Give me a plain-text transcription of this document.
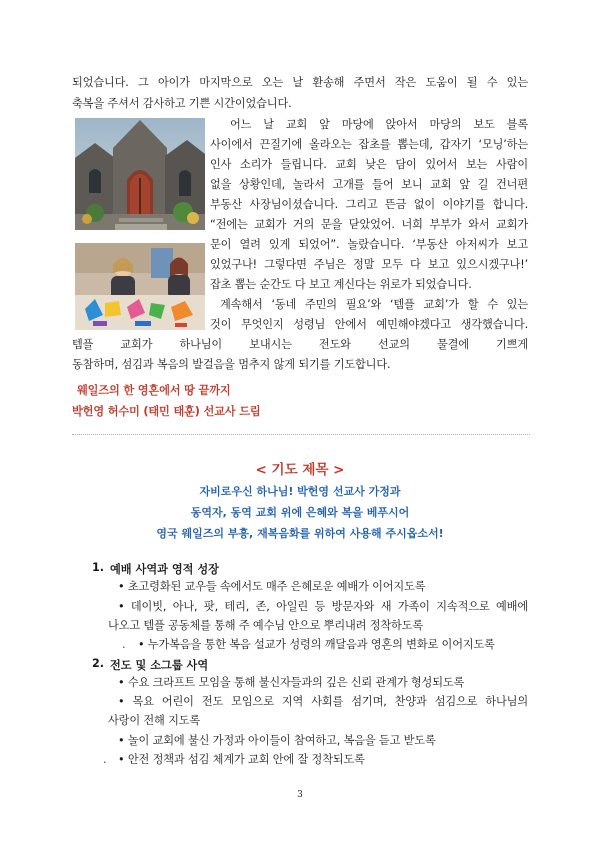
되었습니다. 그 아이가 마지막으로 오는 날 환송해 주면서 작은 도움이 될 수 있는
축복을 주셔서 감사하고 기쁜 시간이었습니다.
어느 날 교회 앞 마당에 앉아서 마당의 보도 블록
사이에서 끈질기에 올라오는 잡초를 뽑는데, 갑자기 ‘모닝’하는
인사 소리가 들립니다. 교회 낮은 담이 있어서 보는 사람이
없을 상황인데, 놀라서 고개를 들어 보니 교회 앞 길 건너편
부동산 사장님이셨습니다. 그리고 뜬금 없이 이야기를 합니다.
“전에는 교회가 거의 문을 닫았었어. 너희 부부가 와서 교회가
문이 열려 있게 되었어”. 놀랐습니다. ‘부동산 아저씨가 보고
있었구나! 그렇다면 주님은 정말 모두 다 보고 있으시겠구나!’
잡초 뽑는 순간도 다 보고 계신다는 위로가 되었습니다.
계속해서 ‘동네 주민의 필요’와 ‘템플 교회’가 할 수 있는
것이 무엇인지 성령님 안에서 예민해야겠다고 생각했습니다.
템플 교회가 하나님이 보내시는 전도와 선교의 물결에 기쁘게
동참하며, 섬김과 복음의 발걸음을 멈추지 않게 되기를 기도합니다.
웨일즈의 한 영혼에서 땅 끝까지
박헌영 허수미 (태민 태훈) 선교사 드림
< 기도 제목 >
자비로우신 하나님! 박헌영 선교사 가정과
동역자, 동역 교회 위에 은혜와 복을 베푸시어
영국 웨일즈의 부흥, 재복음화를 위하여 사용해 주시옵소서!
1. 예배 사역과 영적 성장
• 초고령화된 교우들 속에서도 매주 은혜로운 예배가 이어지도록
• 데이빗, 아나, 팟, 테리, 존, 아일린 등 방문자와 새 가족이 지속적으로 예배에
나오고 템플 공동체를 통해 주 예수님 안으로 뿌리내려 정착하도록
. • 누가복음을 통한 복음 설교가 성령의 깨달음과 영혼의 변화로 이어지도록
2. 전도 및 소그룹 사역
• 수요 크라프트 모임을 통해 불신자들과의 깊은 신뢰 관계가 형성되도록
• 목요 어린이 전도 모임으로 지역 사회를 섬기며, 찬양과 섬김으로 하나님의
사랑이 전해 지도록
• 놀이 교회에 불신 가정과 아이들이 참여하고, 복음을 듣고 받도록
. • 안전 정책과 섬김 체계가 교회 안에 잘 정착되도록
3
